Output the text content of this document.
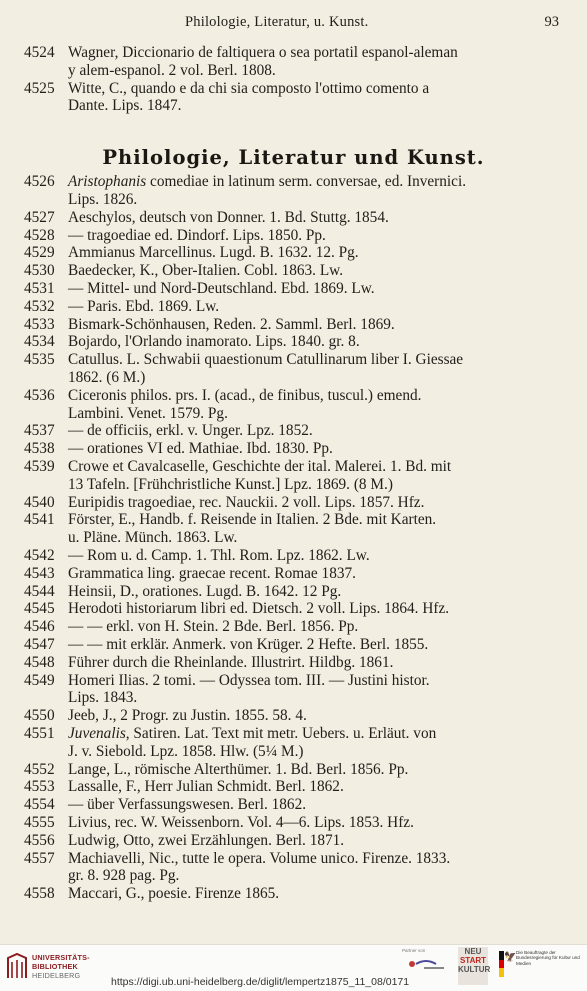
Philologie, Literatur, u. Kunst.	93
Philologie, Literatur und Kunst.
4524 Wagner, Diccionario de faltiquera o sea portatil espanol-aleman
y alem-espanol. 2 vol. Berl. 1808.
4525 Witte, C., quando e da chi sia composto l'ottimo comento a
Dante. Lips. 1847.
4526 Aristophanis comediae in latinum serm. conversae, ed. Invernici.
Lips. 1826.
4527 Aeschylos, deutsch von Donner. 1. Bd. Stuttg. 1854.
4528 — tragoediae ed. Dindorf. Lips. 1850. Pp.
4529 Ammianus Marcellinus. Lugd. B. 1632. 12. Pg.
4530 Baedecker, K., Ober-Italien. Cobl. 1863. Lw.
4531 — Mittel- und Nord-Deutschland. Ebd. 1869. Lw.
4532 — Paris. Ebd. 1869. Lw.
4533 Bismark-Schönhausen, Reden. 2. Samml. Berl. 1869.
4534 Bojardo, l'Orlando inamorato. Lips. 1840. gr. 8.
4535 Catullus. L. Schwabii quaestionum Catullinarum liber I. Giessae
1862. (6 M.)
4536 Ciceronis philos. prs. I. (acad., de finibus, tuscul.) emend.
Lambini. Venet. 1579. Pg.
4537 — de officiis, erkl. v. Unger. Lpz. 1852.
4538 — orationes VI ed. Mathiae. Ibd. 1830. Pp.
4539 Crowe et Cavalcaselle, Geschichte der ital. Malerei. 1. Bd. mit
13 Tafeln. [Frühchristliche Kunst.] Lpz. 1869. (8 M.)
4540 Euripidis tragoediae, rec. Nauckii. 2 voll. Lips. 1857. Hfz.
4541 Förster, E., Handb. f. Reisende in Italien. 2 Bde. mit Karten.
u. Pläne. Münch. 1863. Lw.
4542 — Rom u. d. Camp. 1. Thl. Rom. Lpz. 1862. Lw.
4543 Grammatica ling. graecae recent. Romae 1837.
4544 Heinsii, D., orationes. Lugd. B. 1642. 12 Pg.
4545 Herodoti historiarum libri ed. Dietsch. 2 voll. Lips. 1864. Hfz.
4546 — — erkl. von H. Stein. 2 Bde. Berl. 1856. Pp.
4547 — — mit erklär. Anmerk. von Krüger. 2 Hefte. Berl. 1855.
4548 Führer durch die Rheinlande. Illustrirt. Hildbg. 1861.
4549 Homeri Ilias. 2 tomi. — Odyssea tom. III. — Justini histor.
Lips. 1843.
4550 Jeeb, J., 2 Progr. zu Justin. 1855. 58. 4.
4551 Juvenalis, Satiren. Lat. Text mit metr. Uebers. u. Erläut. von
J. v. Siebold. Lpz. 1858. Hlw. (5¼ M.)
4552 Lange, L., römische Alterthümer. 1. Bd. Berl. 1856. Pp.
4553 Lassalle, F., Herr Julian Schmidt. Berl. 1862.
4554 — über Verfassungswesen. Berl. 1862.
4555 Livius, rec. W. Weissenborn. Vol. 4—6. Lips. 1853. Hfz.
4556 Ludwig, Otto, zwei Erzählungen. Berl. 1871.
4557 Machiavelli, Nic., tutte le opera. Volume unico. Firenze. 1833.
gr. 8. 928 pag. Pg.
4558 Maccari, G., poesie. Firenze 1865.
UNIVERSITÄTS-
BIBLIOTHEK
HEIDELBERG
https://digi.ub.uni-heidelberg.de/diglit/lempertz1875_11_08/0171
Partner von	NEU
START
KULTUR
🦅 Die Beauftragte der Bundesregierung für Kultur und Medien
